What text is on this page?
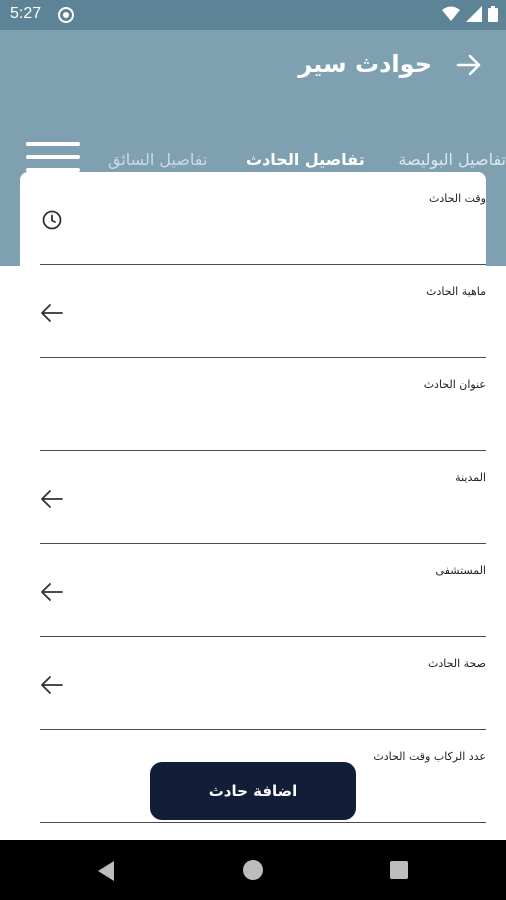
5:27
حوادث سير
تفاصيل البوليصة
تفاصيل الحادث
تفاصيل السائق
وقت الحادث
ماهية الحادث
عنوان الحادث
المدينة
المستشفى
صحة الحادث
عدد الركاب وقت الحادث
اضافة حادث
